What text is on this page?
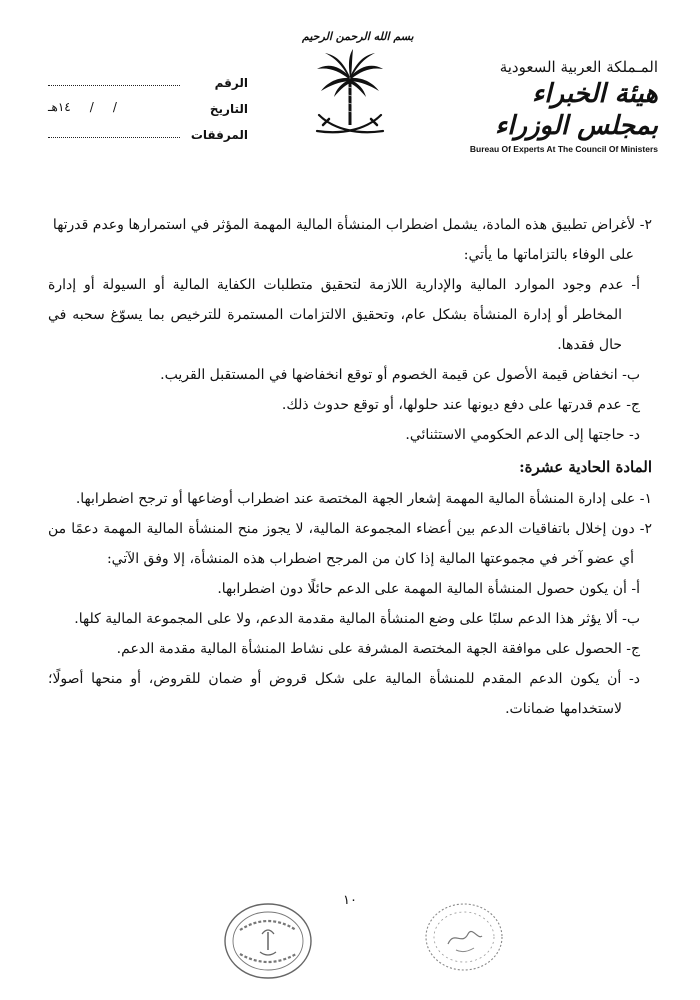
المـملكة العربية السعودية
هيئة الخبراء بمجلس الوزراء
Bureau Of Experts At The Council Of Ministers
بسم الله الرحمن الرحيم
الرقم
التاريخ
/     /     ١٤هـ
المرفقات

٢- لأغراض تطبيق هذه المادة، يشمل اضطراب المنشأة المالية المهمة المؤثر في استمرارها وعدم قدرتها

على الوفاء بالتزاماتها ما يأتي:

أ- عدم وجود الموارد المالية والإدارية اللازمة لتحقيق متطلبات الكفاية المالية أو السيولة أو إدارة المخاطر أو إدارة المنشأة بشكل عام، وتحقيق الالتزامات المستمرة للترخيص بما يسوّغ سحبه في حال فقدها.

ب- انخفاض قيمة الأصول عن قيمة الخصوم أو توقع انخفاضها في المستقبل القريب.

ج- عدم قدرتها على دفع ديونها عند حلولها، أو توقع حدوث ذلك.

د- حاجتها إلى الدعم الحكومي الاستثنائي.

المادة الحادية عشرة:

١- على إدارة المنشأة المالية المهمة إشعار الجهة المختصة عند اضطراب أوضاعها أو ترجح اضطرابها.

٢- دون إخلال باتفاقيات الدعم بين أعضاء المجموعة المالية، لا يجوز منح المنشأة المالية المهمة دعمًا من أي عضو آخر في مجموعتها المالية إذا كان من المرجح اضطراب هذه المنشأة، إلا وفق الآتي:

أ- أن يكون حصول المنشأة المالية المهمة على الدعم حائلًا دون اضطرابها.

ب- ألا يؤثر هذا الدعم سلبًا على وضع المنشأة المالية مقدمة الدعم، ولا على المجموعة المالية كلها.

ج- الحصول على موافقة الجهة المختصة المشرفة على نشاط المنشأة المالية مقدمة الدعم.

د- أن يكون الدعم المقدم للمنشأة المالية على شكل قروض أو ضمان للقروض، أو منحها أصولًا؛ لاستخدامها ضمانات.

١٠
